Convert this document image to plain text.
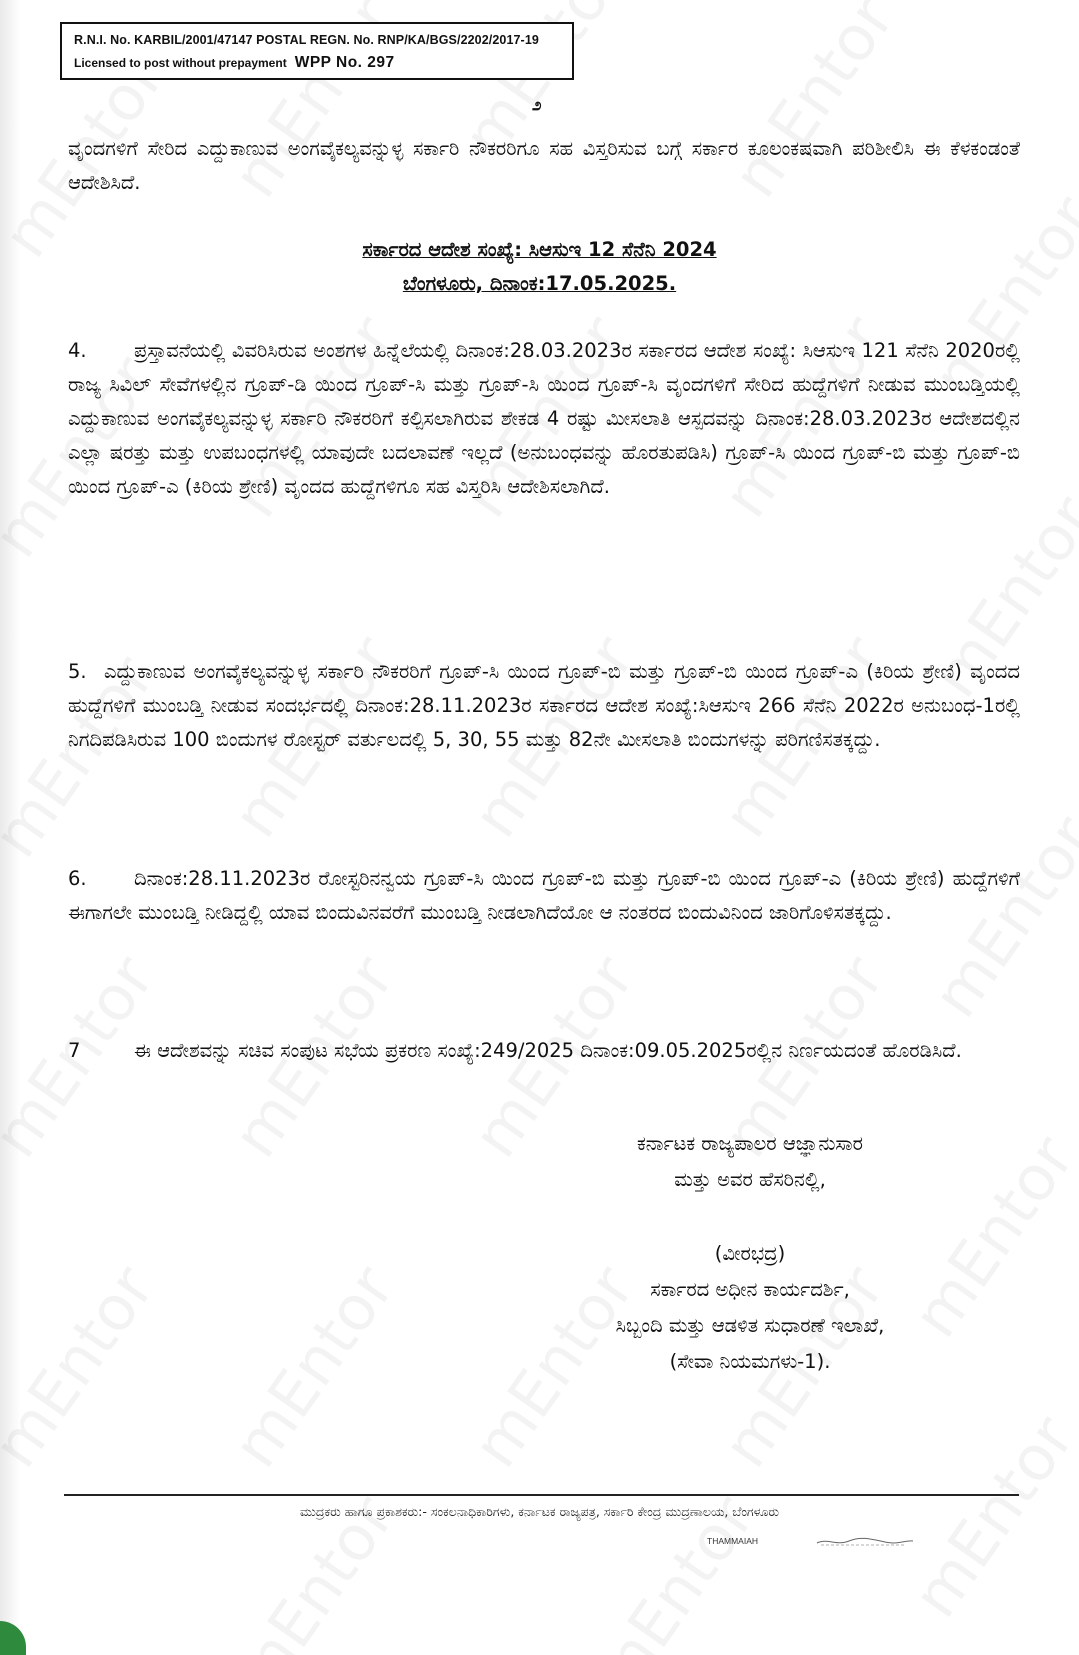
R.N.I. No. KARBIL/2001/47147 POSTAL REGN. No. RNP/KA/BGS/2202/2017-19
Licensed to post without prepayment WPP No. 297
೨
ವೃಂದಗಳಿಗೆ ಸೇರಿದ ಎದ್ದುಕಾಣುವ ಅಂಗವೈಕಲ್ಯವನ್ನುಳ್ಳ ಸರ್ಕಾರಿ ನೌಕರರಿಗೂ ಸಹ ವಿಸ್ತರಿಸುವ ಬಗ್ಗೆ ಸರ್ಕಾರ ಕೂಲಂಕಷವಾಗಿ ಪರಿಶೀಲಿಸಿ ಈ ಕೆಳಕಂಡಂತೆ ಆದೇಶಿಸಿದೆ.
ಸರ್ಕಾರದ ಆದೇಶ ಸಂಖ್ಯೆ: ಸಿಆಸುಇ 12 ಸೆನೆನಿ 2024
ಬೆಂಗಳೂರು, ದಿನಾಂಕ:17.05.2025.
4. ಪ್ರಸ್ತಾವನೆಯಲ್ಲಿ ವಿವರಿಸಿರುವ ಅಂಶಗಳ ಹಿನ್ನೆಲೆಯಲ್ಲಿ ದಿನಾಂಕ:28.03.2023ರ ಸರ್ಕಾರದ ಆದೇಶ ಸಂಖ್ಯೆ: ಸಿಆಸುಇ 121 ಸೆನೆನಿ 2020ರಲ್ಲಿ ರಾಜ್ಯ ಸಿವಿಲ್ ಸೇವೆಗಳಲ್ಲಿನ ಗ್ರೂಪ್-ಡಿ ಯಿಂದ ಗ್ರೂಪ್-ಸಿ ಮತ್ತು ಗ್ರೂಪ್-ಸಿ ಯಿಂದ ಗ್ರೂಪ್-ಸಿ ವೃಂದಗಳಿಗೆ ಸೇರಿದ ಹುದ್ದೆಗಳಿಗೆ ನೀಡುವ ಮುಂಬಡ್ತಿಯಲ್ಲಿ ಎದ್ದುಕಾಣುವ ಅಂಗವೈಕಲ್ಯವನ್ನುಳ್ಳ ಸರ್ಕಾರಿ ನೌಕರರಿಗೆ ಕಲ್ಪಿಸಲಾಗಿರುವ ಶೇಕಡ 4 ರಷ್ಟು ಮೀಸಲಾತಿ ಆಸ್ಪದವನ್ನು ದಿನಾಂಕ:28.03.2023ರ ಆದೇಶದಲ್ಲಿನ ಎಲ್ಲಾ ಷರತ್ತು ಮತ್ತು ಉಪಬಂಧಗಳಲ್ಲಿ ಯಾವುದೇ ಬದಲಾವಣೆ ಇಲ್ಲದೆ (ಅನುಬಂಧವನ್ನು ಹೊರತುಪಡಿಸಿ) ಗ್ರೂಪ್-ಸಿ ಯಿಂದ ಗ್ರೂಪ್-ಬಿ ಮತ್ತು ಗ್ರೂಪ್-ಬಿ ಯಿಂದ ಗ್ರೂಪ್-ಎ (ಕಿರಿಯ ಶ್ರೇಣಿ) ವೃಂದದ ಹುದ್ದೆಗಳಿಗೂ ಸಹ ವಿಸ್ತರಿಸಿ ಆದೇಶಿಸಲಾಗಿದೆ.
5. ಎದ್ದುಕಾಣುವ ಅಂಗವೈಕಲ್ಯವನ್ನುಳ್ಳ ಸರ್ಕಾರಿ ನೌಕರರಿಗೆ ಗ್ರೂಪ್-ಸಿ ಯಿಂದ ಗ್ರೂಪ್-ಬಿ ಮತ್ತು ಗ್ರೂಪ್-ಬಿ ಯಿಂದ ಗ್ರೂಪ್-ಎ (ಕಿರಿಯ ಶ್ರೇಣಿ) ವೃಂದದ ಹುದ್ದೆಗಳಿಗೆ ಮುಂಬಡ್ತಿ ನೀಡುವ ಸಂದರ್ಭದಲ್ಲಿ ದಿನಾಂಕ:28.11.2023ರ ಸರ್ಕಾರದ ಆದೇಶ ಸಂಖ್ಯೆ:ಸಿಆಸುಇ 266 ಸೆನೆನಿ 2022ರ ಅನುಬಂಧ-1ರಲ್ಲಿ ನಿಗದಿಪಡಿಸಿರುವ 100 ಬಿಂದುಗಳ ರೋಸ್ಟರ್ ವರ್ತುಲದಲ್ಲಿ 5, 30, 55 ಮತ್ತು 82ನೇ ಮೀಸಲಾತಿ ಬಿಂದುಗಳನ್ನು ಪರಿಗಣಿಸತಕ್ಕದ್ದು.
6. ದಿನಾಂಕ:28.11.2023ರ ರೋಸ್ಟರಿನನ್ವಯ ಗ್ರೂಪ್-ಸಿ ಯಿಂದ ಗ್ರೂಪ್-ಬಿ ಮತ್ತು ಗ್ರೂಪ್-ಬಿ ಯಿಂದ ಗ್ರೂಪ್-ಎ (ಕಿರಿಯ ಶ್ರೇಣಿ) ಹುದ್ದೆಗಳಿಗೆ ಈಗಾಗಲೇ ಮುಂಬಡ್ತಿ ನೀಡಿದ್ದಲ್ಲಿ ಯಾವ ಬಿಂದುವಿನವರೆಗೆ ಮುಂಬಡ್ತಿ ನೀಡಲಾಗಿದೆಯೋ ಆ ನಂತರದ ಬಿಂದುವಿನಿಂದ ಜಾರಿಗೊಳಿಸತಕ್ಕದ್ದು.
7	ಈ ಆದೇಶವನ್ನು ಸಚಿವ ಸಂಪುಟ ಸಭೆಯ ಪ್ರಕರಣ ಸಂಖ್ಯೆ:249/2025 ದಿನಾಂಕ:09.05.2025ರಲ್ಲಿನ ನಿರ್ಣಯದಂತೆ ಹೊರಡಿಸಿದೆ.
ಕರ್ನಾಟಕ ರಾಜ್ಯಪಾಲರ ಆಜ್ಞಾನುಸಾರ
ಮತ್ತು ಅವರ ಹೆಸರಿನಲ್ಲಿ,
(ವೀರಭದ್ರ)
ಸರ್ಕಾರದ ಅಧೀನ ಕಾರ್ಯದರ್ಶಿ,
ಸಿಬ್ಬಂದಿ ಮತ್ತು ಆಡಳಿತ ಸುಧಾರಣೆ ಇಲಾಖೆ,
(ಸೇವಾ ನಿಯಮಗಳು-1).
ಮುದ್ರಕರು ಹಾಗೂ ಪ್ರಕಾಶಕರು:- ಸಂಕಲನಾಧಿಕಾರಿಗಳು, ಕರ್ನಾಟಕ ರಾಜ್ಯಪತ್ರ, ಸರ್ಕಾರಿ ಕೇಂದ್ರ ಮುದ್ರಣಾಲಯ, ಬೆಂಗಳೂರು
THAMMAIAH
